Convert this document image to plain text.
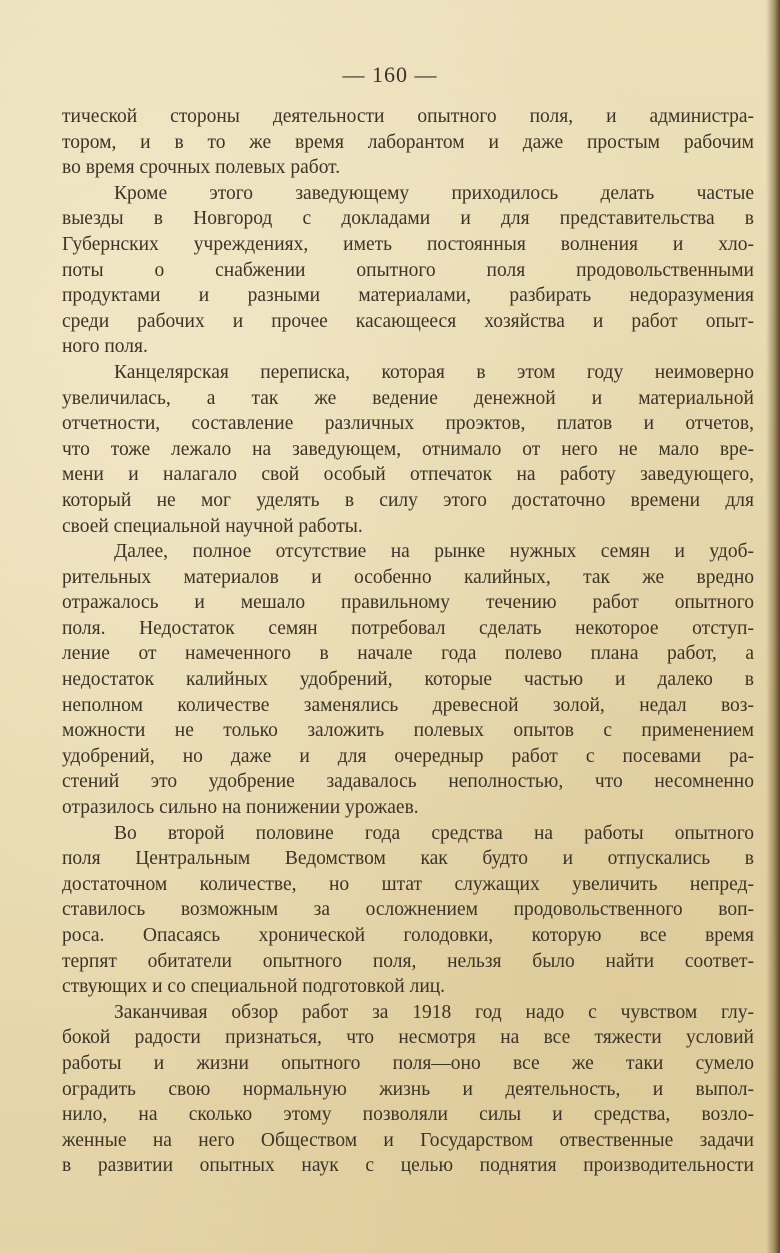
— 160 —
тической стороны деятельности опытного поля, и администра-
тором, и в то же время лаборантом и даже простым рабочим
во время срочных полевых работ.
Кроме этого заведующему приходилось делать частые
выезды в Новгород с докладами и для представительства в
Губернских учреждениях, иметь постоянныя волнения и хло-
поты о снабжении опытного поля продовольственными
продуктами и разными материалами, разбирать недоразумения
среди рабочих и прочее касающееся хозяйства и работ опыт-
ного поля.
Канцелярская переписка, которая в этом году неимоверно
увеличилась, а так же ведение денежной и материальной
отчетности, составление различных проэктов, платов и отчетов,
что тоже лежало на заведующем, отнимало от него не мало вре-
мени и налагало свой особый отпечаток на работу заведующего,
который не мог уделять в силу этого достаточно времени для
своей специальной научной работы.
Далее, полное отсутствие на рынке нужных семян и удоб-
рительных материалов и особенно калийных, так же вредно
отражалось и мешало правильному течению работ опытного
поля. Недостаток семян потребовал сделать некоторое отступ-
ление от намеченного в начале года полево плана работ, а
недостаток калийных удобрений, которые частью и далеко в
неполном количестве заменялись древесной золой, недал воз-
можности не только заложить полевых опытов с применением
удобрений, но даже и для очередныр работ с посевами ра-
стений это удобрение задавалось неполностью, что несомненно
отразилось сильно на понижении урожаев.
Во второй половине года средства на работы опытного
поля Центральным Ведомством как будто и отпускались в
достаточном количестве, но штат служащих увеличить непред-
ставилось возможным за осложнением продовольственного воп-
роса. Опасаясь хронической голодовки, которую все время
терпят обитатели опытного поля, нельзя было найти соответ-
ствующих и со специальной подготовкой лиц.
Заканчивая обзор работ за 1918 год надо с чувством глу-
бокой радости признаться, что несмотря на все тяжести условий
работы и жизни опытного поля—оно все же таки сумело
оградить свою нормальную жизнь и деятельность, и выпол-
нило, на сколько этому позволяли силы и средства, возло-
женные на него Обществом и Государством отвественные задачи
в развитии опытных наук с целью поднятия производительности
